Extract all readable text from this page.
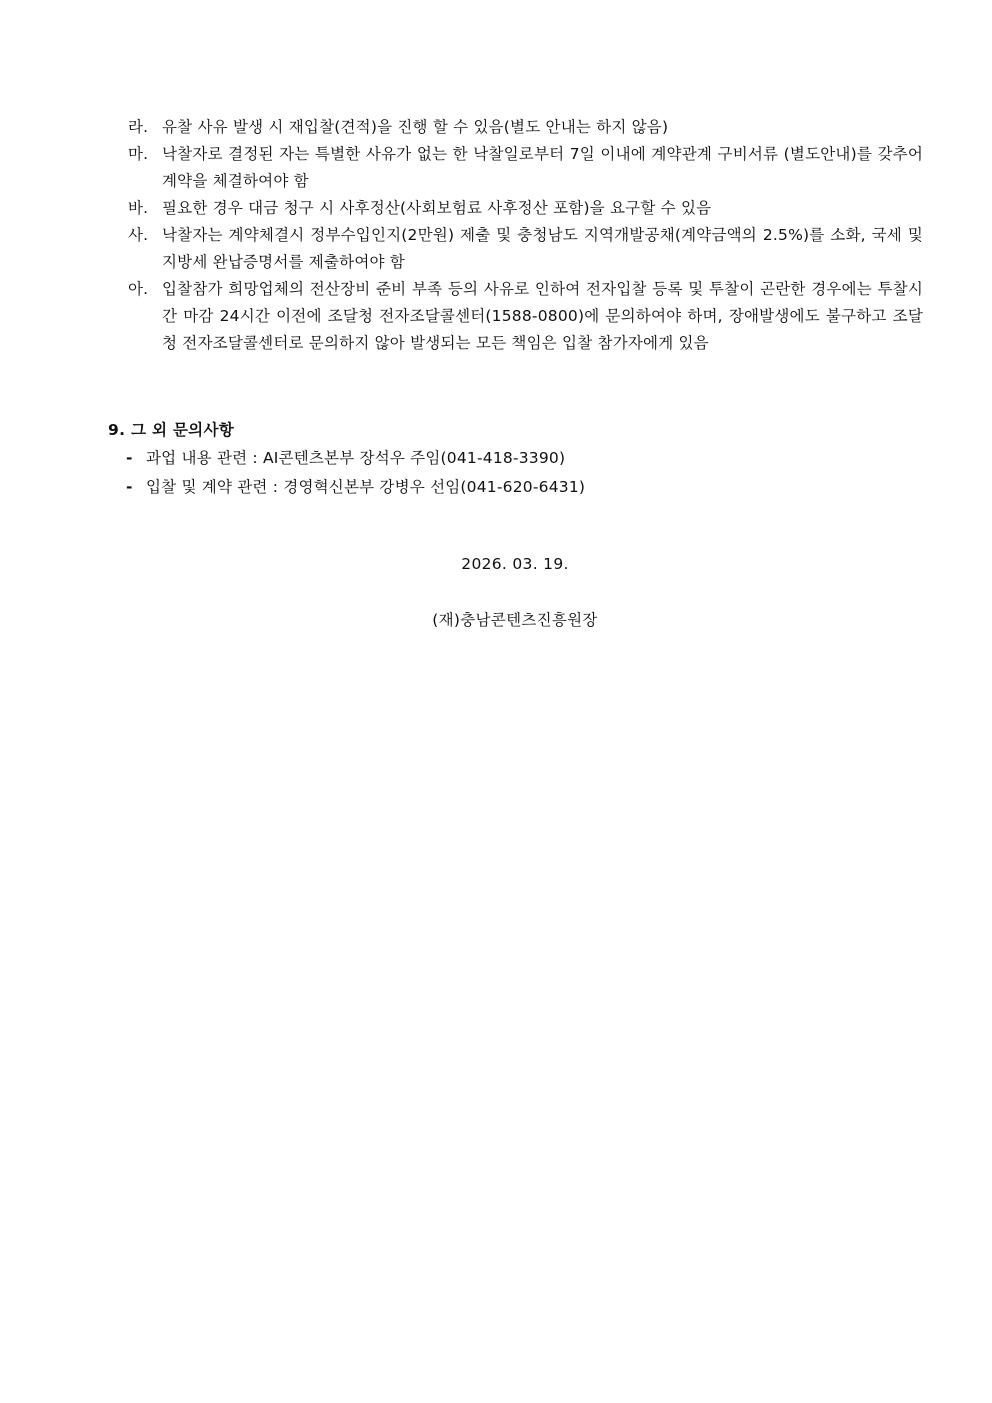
라. 유찰 사유 발생 시 재입찰(견적)을 진행 할 수 있음(별도 안내는 하지 않음)
마. 낙찰자로 결정된 자는 특별한 사유가 없는 한 낙찰일로부터 7일 이내에 계약관계 구비서류 (별도안내)를 갖추어 계약을 체결하여야 함
바. 필요한 경우 대금 청구 시 사후정산(사회보험료 사후정산 포함)을 요구할 수 있음
사. 낙찰자는 계약체결시 정부수입인지(2만원) 제출 및 충청남도 지역개발공채(계약금액의 2.5%)를 소화, 국세 및 지방세 완납증명서를 제출하여야 함
아. 입찰참가 희망업체의 전산장비 준비 부족 등의 사유로 인하여 전자입찰 등록 및 투찰이 곤란한 경우에는 투찰시간 마감 24시간 이전에 조달청 전자조달콜센터(1588-0800)에 문의하여야 하며, 장애발생에도 불구하고 조달청 전자조달콜센터로 문의하지 않아 발생되는 모든 책임은 입찰 참가자에게 있음
9. 그 외 문의사항
- 과업 내용 관련 : AI콘텐츠본부 장석우 주임(041-418-3390)
- 입찰 및 계약 관련 : 경영혁신본부 강병우 선임(041-620-6431)
2026. 03. 19.
(재)충남콘텐츠진흥원장
